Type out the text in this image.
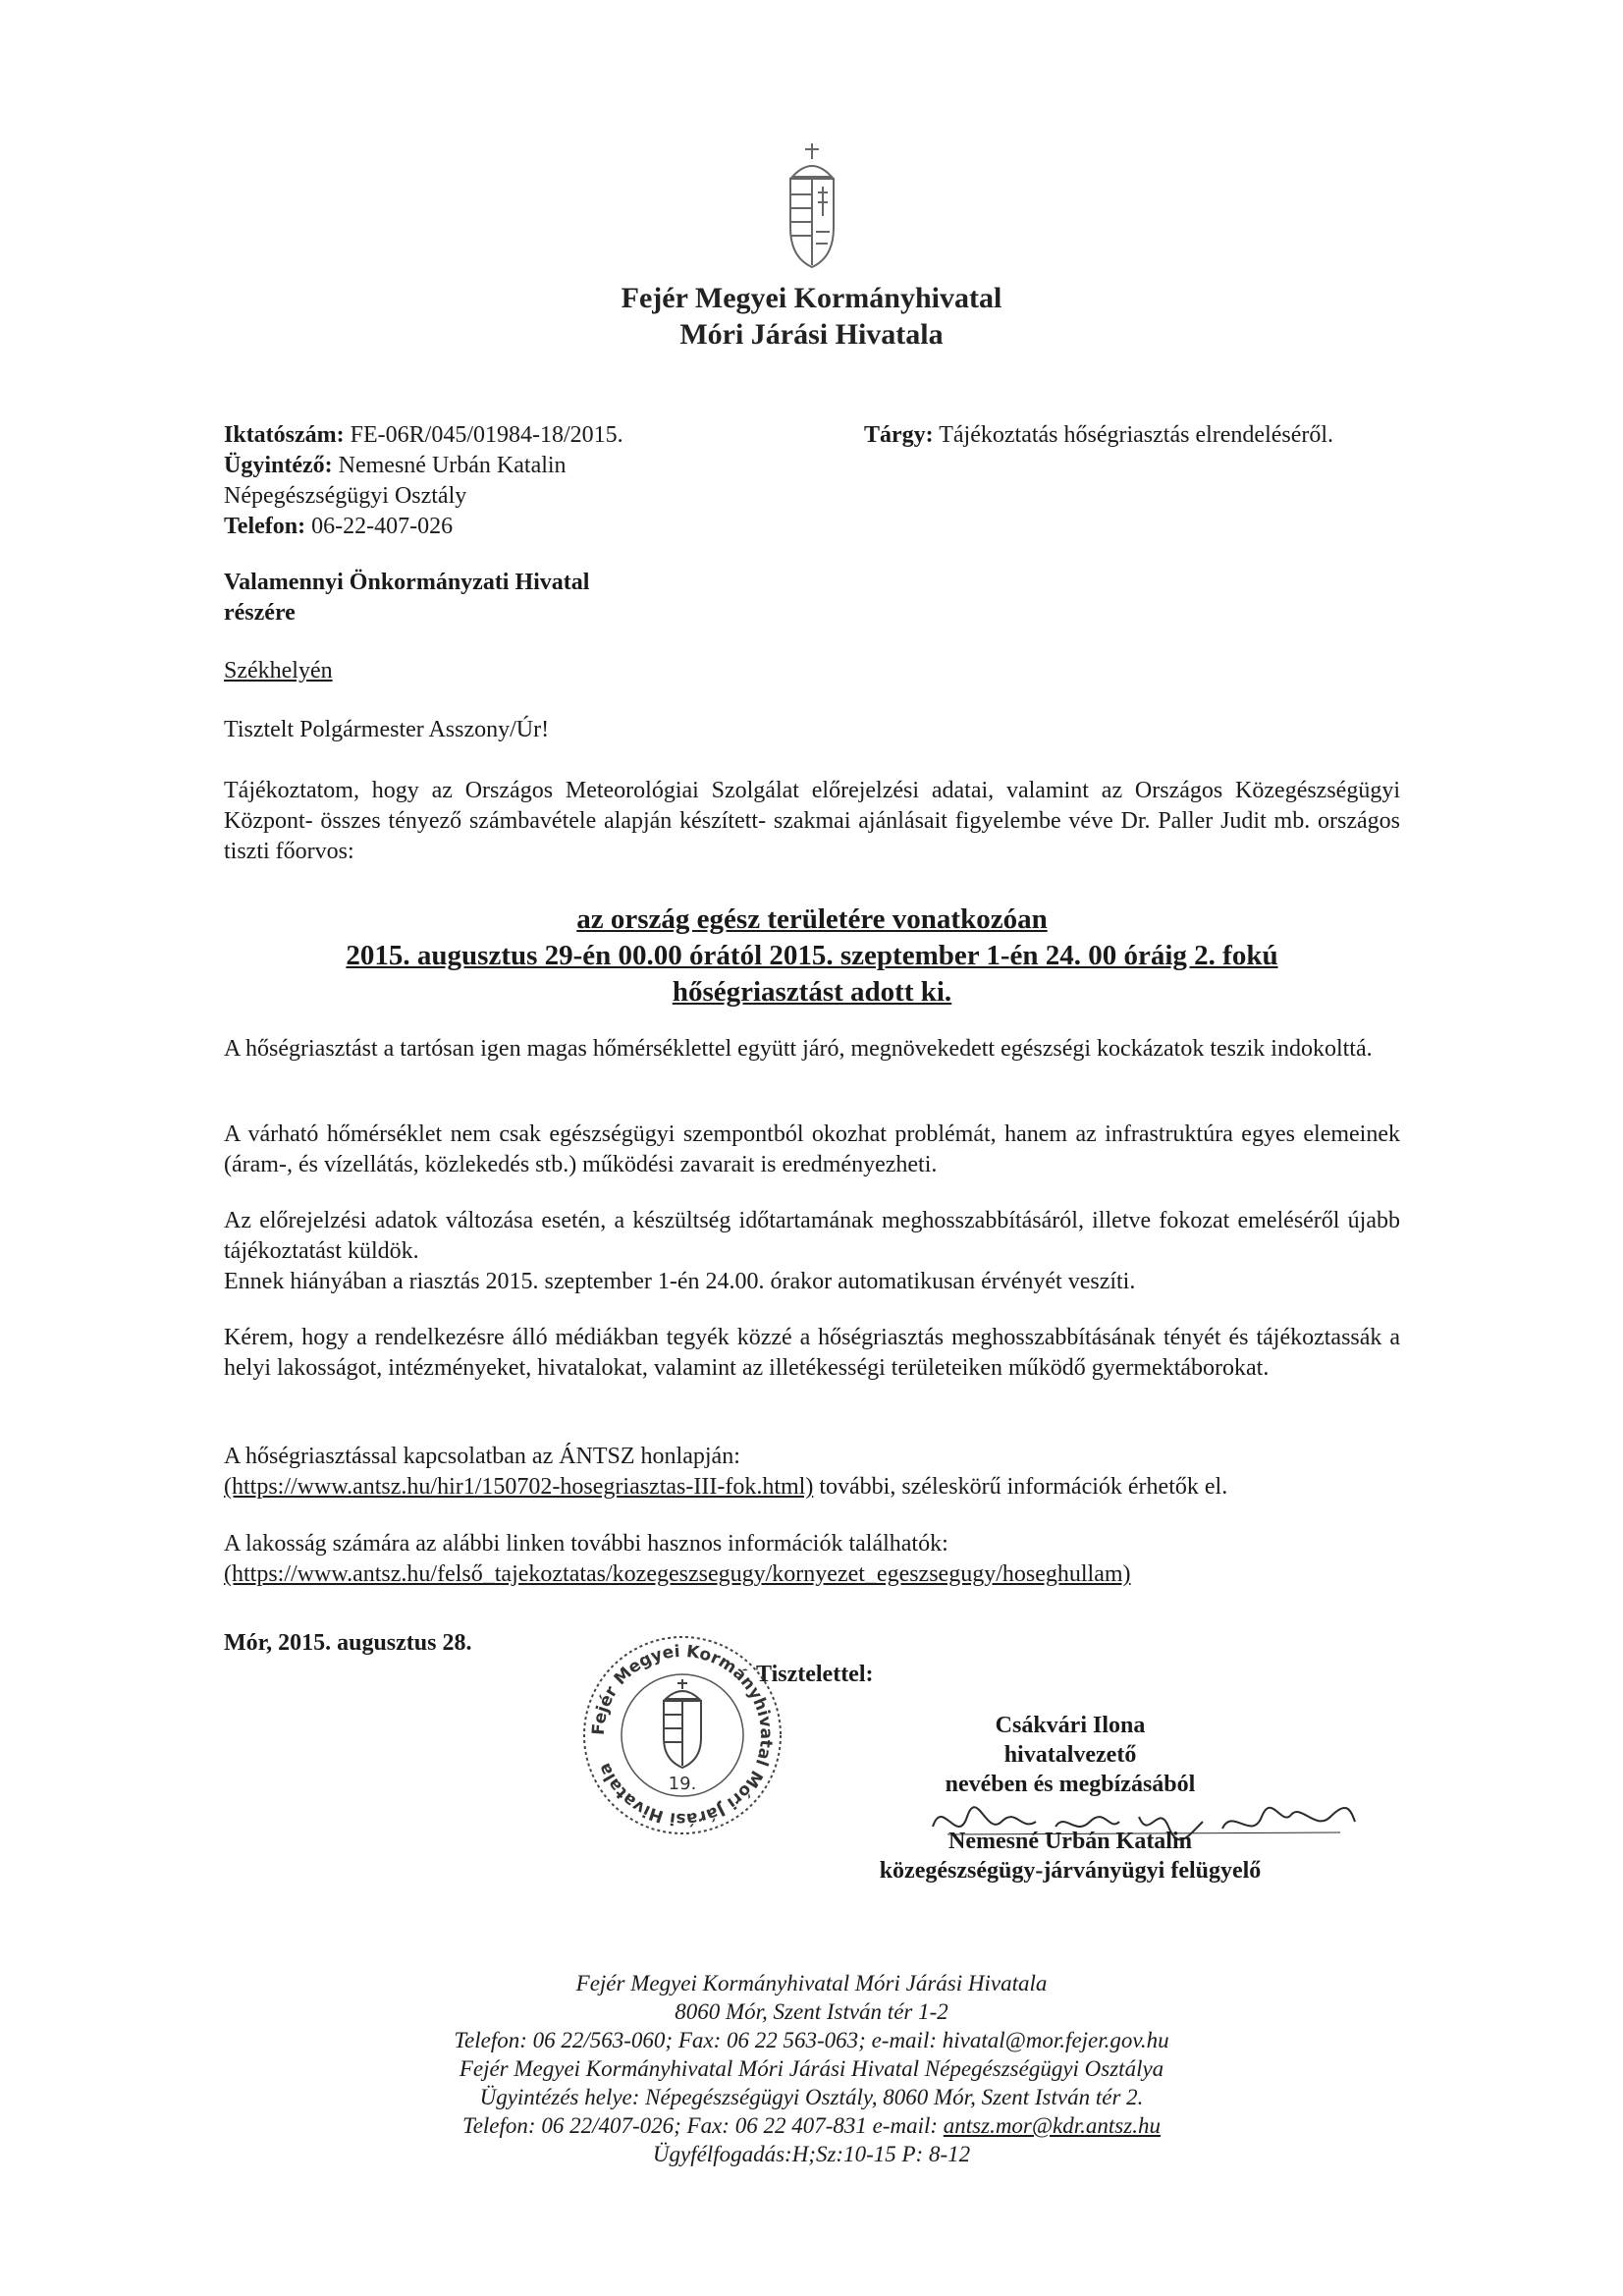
Fejér Megyei Kormányhivatal
Móri Járási Hivatala
Iktatószám: FE-06R/045/01984-18/2015.
Ügyintéző: Nemesné Urbán Katalin
Népegészségügyi Osztály
Telefon: 06-22-407-026
Tárgy: Tájékoztatás hőségriasztás elrendeléséről.
Valamennyi Önkormányzati Hivatal
részére
Székhelyén
Tisztelt Polgármester Asszony/Úr!
Tájékoztatom, hogy az Országos Meteorológiai Szolgálat előrejelzési adatai, valamint az Országos Közegészségügyi Központ- összes tényező számbavétele alapján készített- szakmai ajánlásait figyelembe véve Dr. Paller Judit mb. országos tiszti főorvos:
az ország egész területére vonatkozóan
2015. augusztus 29-én 00.00 órától 2015. szeptember 1-én 24. 00 óráig 2. fokú
hőségriasztást adott ki.
A hőségriasztást a tartósan igen magas hőmérséklettel együtt járó, megnövekedett egészségi kockázatok teszik indokolttá.
A várható hőmérséklet nem csak egészségügyi szempontból okozhat problémát, hanem az infrastruktúra egyes elemeinek (áram-, és vízellátás, közlekedés stb.) működési zavarait is eredményezheti.
Az előrejelzési adatok változása esetén, a készültség időtartamának meghosszabbításáról, illetve fokozat emeléséről újabb tájékoztatást küldök.
Ennek hiányában a riasztás 2015. szeptember 1-én 24.00. órakor automatikusan érvényét veszíti.
Kérem, hogy a rendelkezésre álló médiákban tegyék közzé a hőségriasztás meghosszabbításának tényét és tájékoztassák a helyi lakosságot, intézményeket, hivatalokat, valamint az illetékességi területeiken működő gyermektáborokat.
A hőségriasztással kapcsolatban az ÁNTSZ honlapján:
(https://www.antsz.hu/hir1/150702-hosegriasztas-III-fok.html) további, széleskörű információk érhetők el.
A lakosság számára az alábbi linken további hasznos információk találhatók:
(https://www.antsz.hu/felső_tajekoztatas/kozegeszsegugy/kornyezet_egeszsegugy/hoseghullam)
Mór, 2015. augusztus 28.
Tisztelettel:
Fejér Megyei Kormányhivatal Móri Járási Hivatala
19.
Csákvári Ilona
hivatalvezető
nevében és megbízásából
Nemesné Urbán Katalin
közegészségügy-járványügyi felügyelő
Fejér Megyei Kormányhivatal Móri Járási Hivatala
8060 Mór, Szent István tér 1-2
Telefon: 06 22/563-060; Fax: 06 22 563-063; e-mail: hivatal@mor.fejer.gov.hu
Fejér Megyei Kormányhivatal Móri Járási Hivatal Népegészségügyi Osztálya
Ügyintézés helye: Népegészségügyi Osztály, 8060 Mór, Szent István tér 2.
Telefon: 06 22/407-026; Fax: 06 22 407-831 e-mail: antsz.mor@kdr.antsz.hu
Ügyfélfogadás:H;Sz:10-15 P: 8-12
